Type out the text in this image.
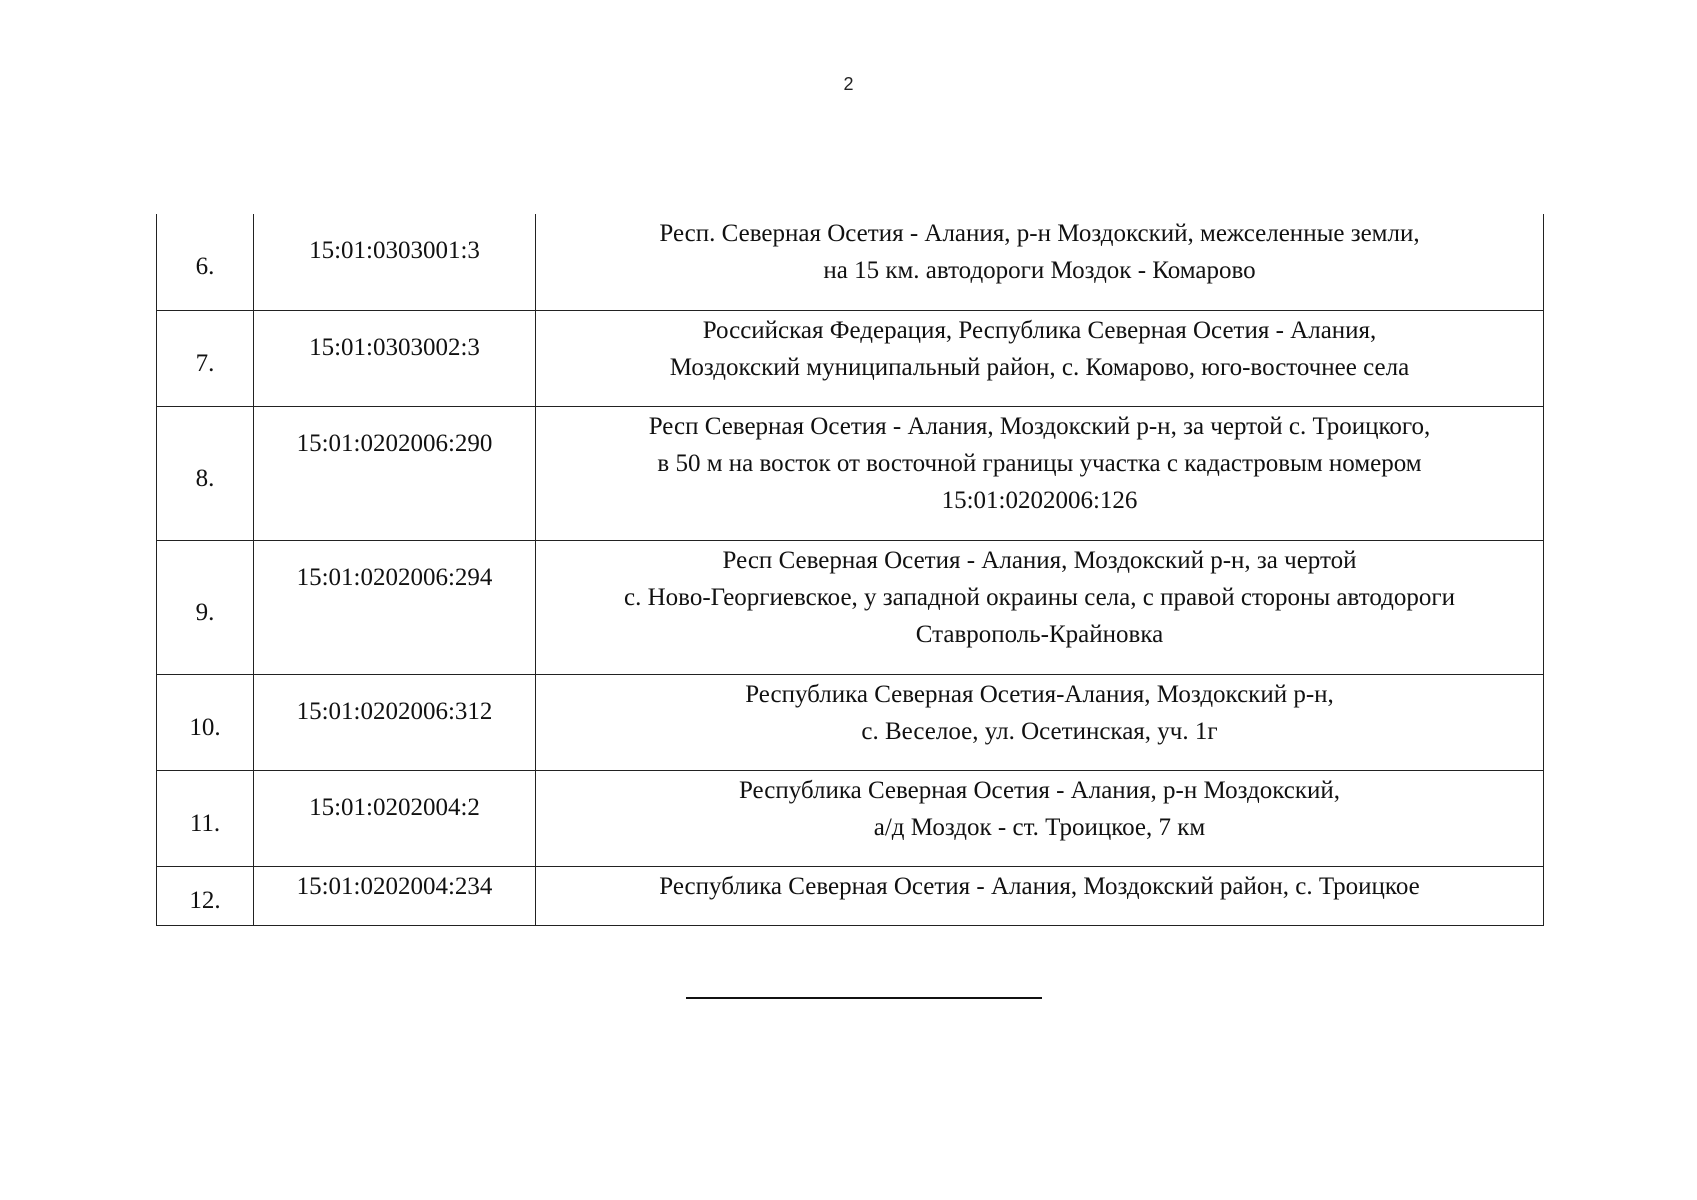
2
6.	15:01:0303001:3	Респ. Северная Осетия - Алания, р-н Моздокский, межселенные земли,
на 15 км. автодороги Моздок - Комарово

7.	15:01:0303002:3	Российская Федерация, Республика Северная Осетия - Алания,
Моздокский муниципальный район, с. Комарово, юго-восточнее села

8.	15:01:0202006:290	Респ Северная Осетия - Алания, Моздокский р-н, за чертой с. Троицкого,
в 50 м на восток от восточной границы участка с кадастровым номером
15:01:0202006:126

9.	15:01:0202006:294	Респ Северная Осетия - Алания, Моздокский р-н, за чертой
с. Ново-Георгиевское, у западной окраины села, с правой стороны автодороги
Ставрополь-Крайновка

10.	15:01:0202006:312	Республика Северная Осетия-Алания, Моздокский р-н,
с. Веселое, ул. Осетинская, уч. 1г

11.	15:01:0202004:2	Республика Северная Осетия - Алания, р-н Моздокский,
а/д Моздок - ст. Троицкое, 7 км

12.	15:01:0202004:234	Республика Северная Осетия - Алания, Моздокский район, с. Троицкое
